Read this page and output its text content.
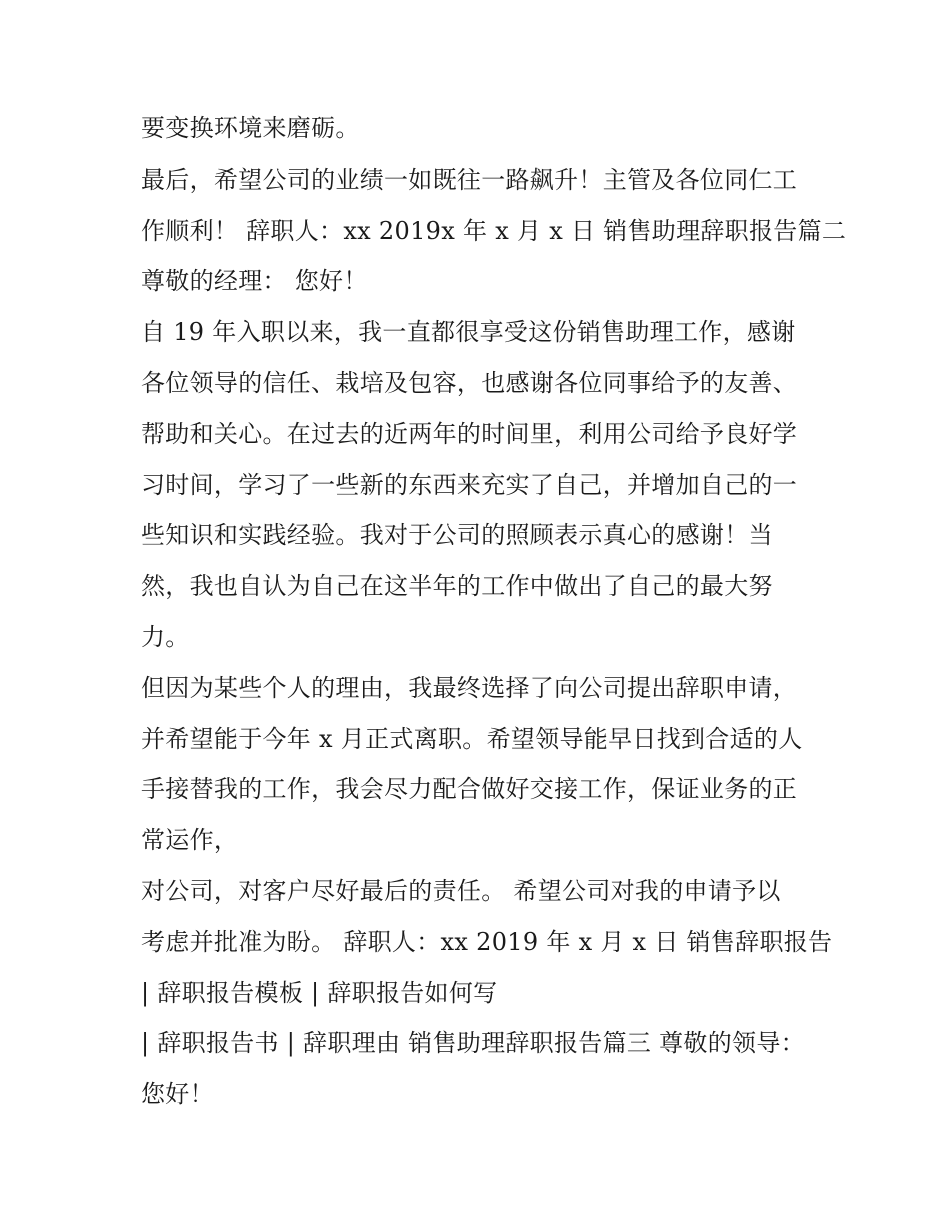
要变换环境来磨砺。
最后，希望公司的业绩一如既往一路飙升！主管及各位同仁工
作顺利！ 辞职人：xx 2019x 年 x 月 x 日 销售助理辞职报告篇二
尊敬的经理： 您好！
自 19 年入职以来，我一直都很享受这份销售助理工作，感谢
各位领导的信任、栽培及包容，也感谢各位同事给予的友善、
帮助和关心。在过去的近两年的时间里，利用公司给予良好学
习时间，学习了一些新的东西来充实了自己，并增加自己的一
些知识和实践经验。我对于公司的照顾表示真心的感谢！当
然，我也自认为自己在这半年的工作中做出了自己的最大努
力。
但因为某些个人的理由，我最终选择了向公司提出辞职申请，
并希望能于今年 x 月正式离职。希望领导能早日找到合适的人
手接替我的工作，我会尽力配合做好交接工作，保证业务的正
常运作，
对公司，对客户尽好最后的责任。 希望公司对我的申请予以
考虑并批准为盼。 辞职人：xx 2019 年 x 月 x 日 销售辞职报告
| 辞职报告模板 | 辞职报告如何写
| 辞职报告书 | 辞职理由 销售助理辞职报告篇三 尊敬的领导：
您好！
